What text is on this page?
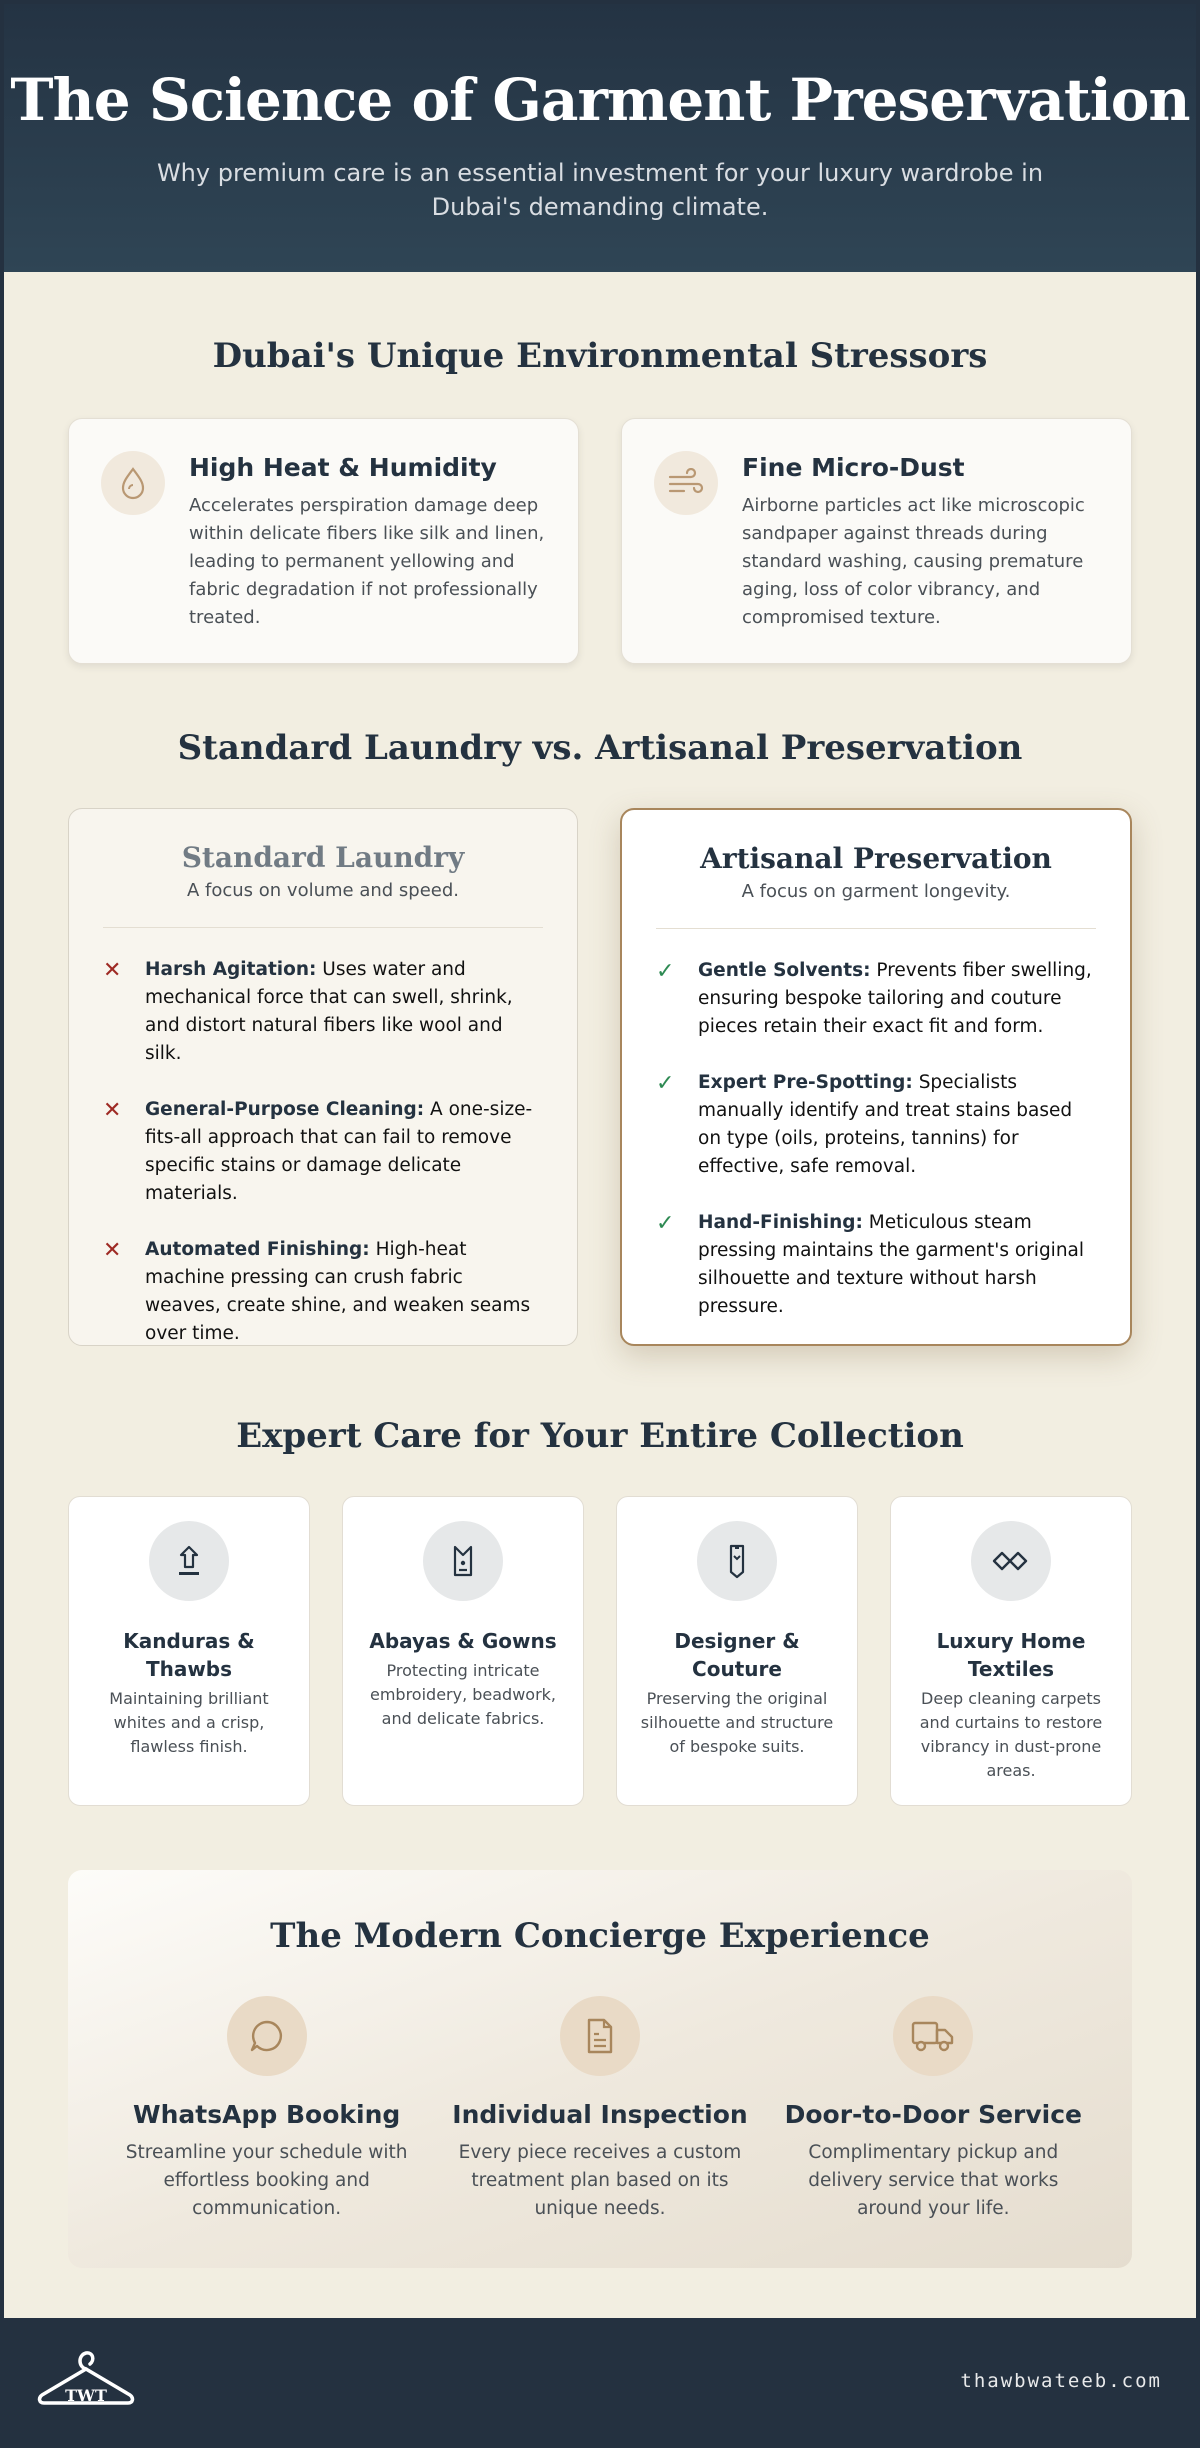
The Science of Garment Preservation

Why premium care is an essential investment for your luxury wardrobe in Dubai's demanding climate.

Dubai's Unique Environmental Stressors
High Heat & Humidity

Accelerates perspiration damage deep within delicate fibers like silk and linen, leading to permanent yellowing and fabric degradation if not professionally treated.

Fine Micro-Dust

Airborne particles act like microscopic sandpaper against threads during standard washing, causing premature aging, loss of color vibrancy, and compromised texture.

Standard Laundry vs. Artisanal Preservation
Standard Laundry
A focus on volume and speed.
✕ Harsh Agitation: Uses water and mechanical force that can swell, shrink, and distort natural fibers like wool and silk.

✕ General-Purpose Cleaning: A one-size-fits-all approach that can fail to remove specific stains or damage delicate materials.

✕ Automated Finishing: High-heat machine pressing can crush fabric weaves, create shine, and weaken seams over time.

Artisanal Preservation
A focus on garment longevity.
✓ Gentle Solvents: Prevents fiber swelling, ensuring bespoke tailoring and couture pieces retain their exact fit and form.

✓ Expert Pre-Spotting: Specialists manually identify and treat stains based on type (oils, proteins, tannins) for effective, safe removal.

✓ Hand-Finishing: Meticulous steam pressing maintains the garment's original silhouette and texture without harsh pressure.

Expert Care for Your Entire Collection
Kanduras & Thawbs

Maintaining brilliant whites and a crisp, flawless finish.

Abayas & Gowns

Protecting intricate embroidery, beadwork, and delicate fabrics.

Designer & Couture

Preserving the original silhouette and structure of bespoke suits.

Luxury Home Textiles

Deep cleaning carpets and curtains to restore vibrancy in dust-prone areas.

The Modern Concierge Experience
WhatsApp Booking

Streamline your schedule with effortless booking and communication.

Individual Inspection

Every piece receives a custom treatment plan based on its unique needs.

Door-to-Door Service

Complimentary pickup and delivery service that works around your life.

TWT
thawbwateeb.com
